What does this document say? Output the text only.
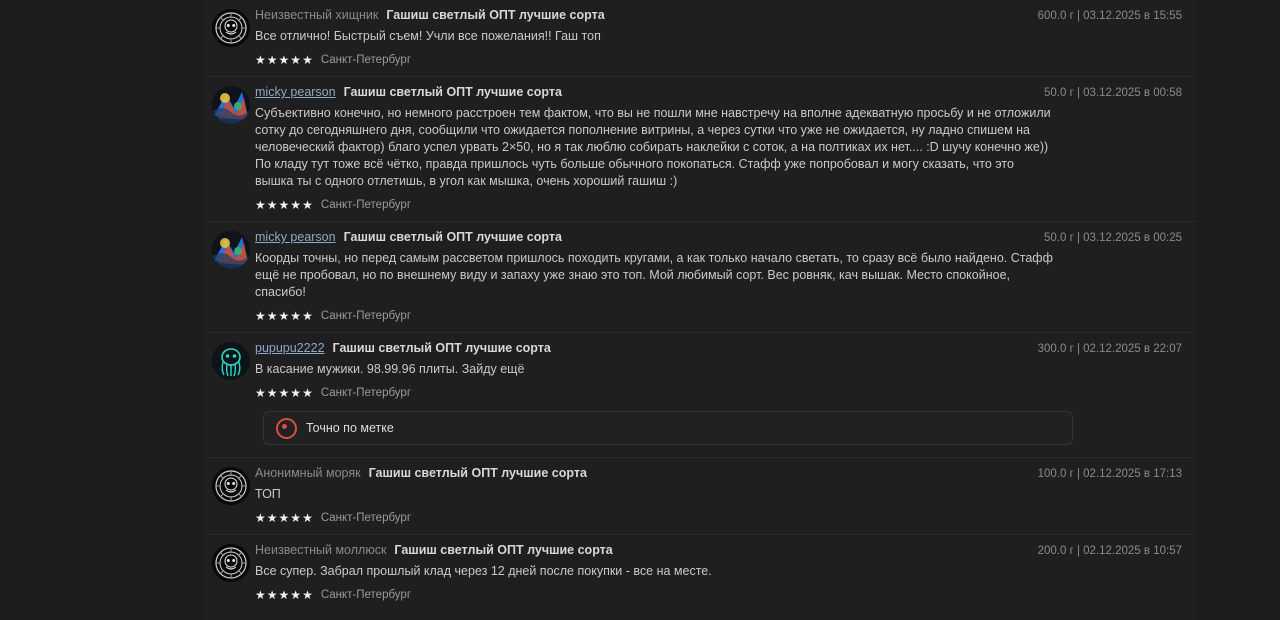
Неизвестный хищник Гашиш светлый ОПТ лучшие сорта	600.0 г | 03.12.2025 в 15:55
Все отлично! Быстрый съем! Учли все пожелания!! Гаш топ
★ ★ ★ ★ ★ Санкт-Петербург
micky pearson Гашиш светлый ОПТ лучшие сорта	50.0 г | 03.12.2025 в 00:58
Субъективно конечно, но немного расстроен тем фактом, что вы не пошли мне навстречу на вполне адекватную просьбу и не отложили сотку до сегодняшнего дня, сообщили что ожидается пополнение витрины, а через сутки что уже не ожидается, ну ладно спишем на человеческий фактор) благо успел урвать 2×50, но я так люблю собирать наклейки с соток, а на полтиках их нет.... :D шучу конечно же)) По кладу тут тоже всё чётко, правда пришлось чуть больше обычного покопаться. Стафф уже попробовал и могу сказать, что это вышка ты с одного отлетишь, в угол как мышка, очень хороший гашиш :)
★ ★ ★ ★ ★ Санкт-Петербург
micky pearson Гашиш светлый ОПТ лучшие сорта	50.0 г | 03.12.2025 в 00:25
Коорды точны, но перед самым рассветом пришлось походить кругами, а как только начало светать, то сразу всё было найдено. Стафф ещё не пробовал, но по внешнему виду и запаху уже знаю это топ. Мой любимый сорт. Вес ровняк, кач вышак. Место спокойное, спасибо!
★ ★ ★ ★ ★ Санкт-Петербург
pupupu2222 Гашиш светлый ОПТ лучшие сорта	300.0 г | 02.12.2025 в 22:07
В касание мужики. 98.99.96 плиты. Зайду ещё
★ ★ ★ ★ ★ Санкт-Петербург
Точно по метке
Анонимный моряк Гашиш светлый ОПТ лучшие сорта	100.0 г | 02.12.2025 в 17:13
ТОП
★ ★ ★ ★ ★ Санкт-Петербург
Неизвестный моллюск Гашиш светлый ОПТ лучшие сорта	200.0 г | 02.12.2025 в 10:57
Все супер. Забрал прошлый клад через 12 дней после покупки - все на месте.
★ ★ ★ ★ ★ Санкт-Петербург
